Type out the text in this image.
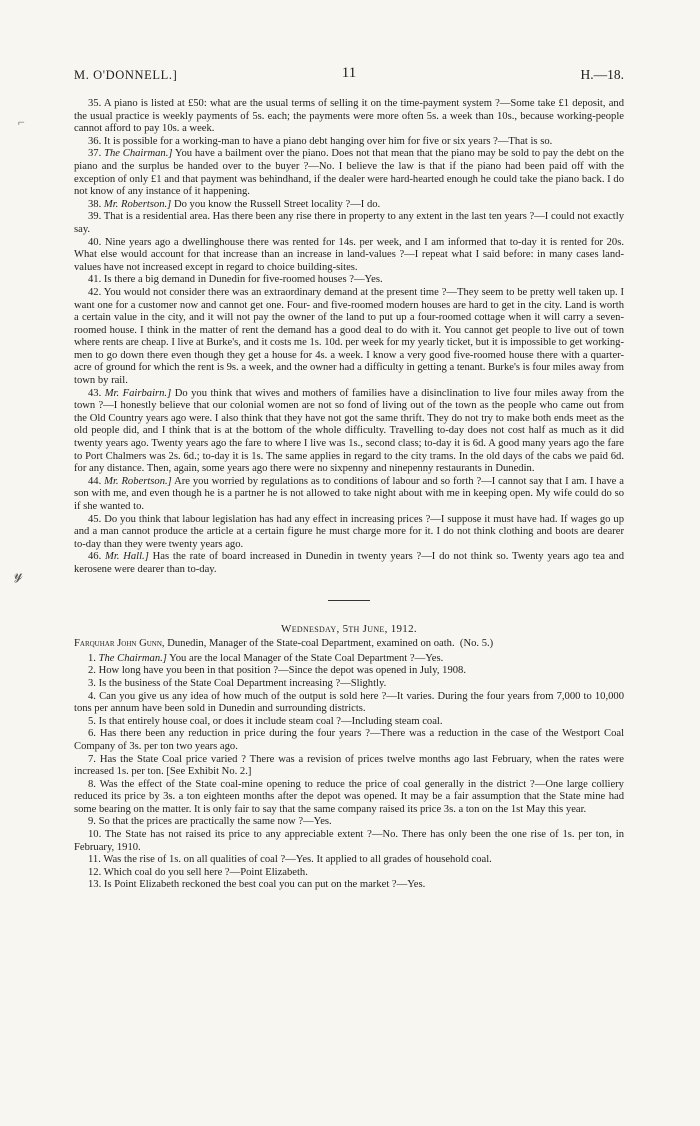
⌐
𝓎
M. O'DONNELL.]	11	H.—18.

35. A piano is listed at £50: what are the usual terms of selling it on the time-payment system ?—Some take £1 deposit, and the usual practice is weekly payments of 5s. each; the payments were more often 5s. a week than 10s., because working-people cannot afford to pay 10s. a week.

36. It is possible for a working-man to have a piano debt hanging over him for five or six years ?—That is so.

37. The Chairman.] You have a bailment over the piano. Does not that mean that the piano may be sold to pay the debt on the piano and the surplus be handed over to the buyer ?—No. I believe the law is that if the piano had been paid off with the exception of only £1 and that payment was behindhand, if the dealer were hard-hearted enough he could take the piano back. I do not know of any instance of it happening.

38. Mr. Robertson.] Do you know the Russell Street locality ?—I do.

39. That is a residential area. Has there been any rise there in property to any extent in the last ten years ?—I could not exactly say.

40. Nine years ago a dwellinghouse there was rented for 14s. per week, and I am informed that to-day it is rented for 20s. What else would account for that increase than an increase in land-values ?—I repeat what I said before: in many cases land-values have not increased except in regard to choice building-sites.

41. Is there a big demand in Dunedin for five-roomed houses ?—Yes.

42. You would not consider there was an extraordinary demand at the present time ?—They seem to be pretty well taken up. I want one for a customer now and cannot get one. Four- and five-roomed modern houses are hard to get in the city. Land is worth a certain value in the city, and it will not pay the owner of the land to put up a four-roomed cottage when it will carry a seven-roomed house. I think in the matter of rent the demand has a good deal to do with it. You cannot get people to live out of town where rents are cheap. I live at Burke's, and it costs me 1s. 10d. per week for my yearly ticket, but it is impossible to get working-men to go down there even though they get a house for 4s. a week. I know a very good five-roomed house there with a quarter-acre of ground for which the rent is 9s. a week, and the owner had a difficulty in getting a tenant. Burke's is four miles away from town by rail.

43. Mr. Fairbairn.] Do you think that wives and mothers of families have a disinclination to live four miles away from the town ?—I honestly believe that our colonial women are not so fond of living out of the town as the people who came out from the Old Country years ago were. I also think that they have not got the same thrift. They do not try to make both ends meet as the old people did, and I think that is at the bottom of the whole difficulty. Travelling to-day does not cost half as much as it did twenty years ago. Twenty years ago the fare to where I live was 1s., second class; to-day it is 6d. A good many years ago the fare to Port Chalmers was 2s. 6d.; to-day it is 1s. The same applies in regard to the city trams. In the old days of the cabs we paid 6d. for any distance. Then, again, some years ago there were no sixpenny and ninepenny restaurants in Dunedin.

44. Mr. Robertson.] Are you worried by regulations as to conditions of labour and so forth ?—I cannot say that I am. I have a son with me, and even though he is a partner he is not allowed to take night about with me in keeping open. My wife could do so if she wanted to.

45. Do you think that labour legislation has had any effect in increasing prices ?—I suppose it must have had. If wages go up and a man cannot produce the article at a certain figure he must charge more for it. I do not think clothing and boots are dearer to-day than they were twenty years ago.

46. Mr. Hall.] Has the rate of board increased in Dunedin in twenty years ?—I do not think so. Twenty years ago tea and kerosene were dearer than to-day.

Wednesday, 5th June, 1912.

Farquhar John Gunn, Dunedin, Manager of the State-coal Department, examined on oath. (No. 5.)

1. The Chairman.] You are the local Manager of the State Coal Department ?—Yes.

2. How long have you been in that position ?—Since the depot was opened in July, 1908.

3. Is the business of the State Coal Department increasing ?—Slightly.

4. Can you give us any idea of how much of the output is sold here ?—It varies. During the four years from 7,000 to 10,000 tons per annum have been sold in Dunedin and surrounding districts.

5. Is that entirely house coal, or does it include steam coal ?—Including steam coal.

6. Has there been any reduction in price during the four years ?—There was a reduction in the case of the Westport Coal Company of 3s. per ton two years ago.

7. Has the State Coal price varied ? There was a revision of prices twelve months ago last February, when the rates were increased 1s. per ton. [See Exhibit No. 2.]

8. Was the effect of the State coal-mine opening to reduce the price of coal generally in the district ?—One large colliery reduced its price by 3s. a ton eighteen months after the depot was opened. It may be a fair assumption that the State mine had some bearing on the matter. It is only fair to say that the same company raised its price 3s. a ton on the 1st May this year.

9. So that the prices are practically the same now ?—Yes.

10. The State has not raised its price to any appreciable extent ?—No. There has only been the one rise of 1s. per ton, in February, 1910.

11. Was the rise of 1s. on all qualities of coal ?—Yes. It applied to all grades of household coal.

12. Which coal do you sell here ?—Point Elizabeth.

13. Is Point Elizabeth reckoned the best coal you can put on the market ?—Yes.
